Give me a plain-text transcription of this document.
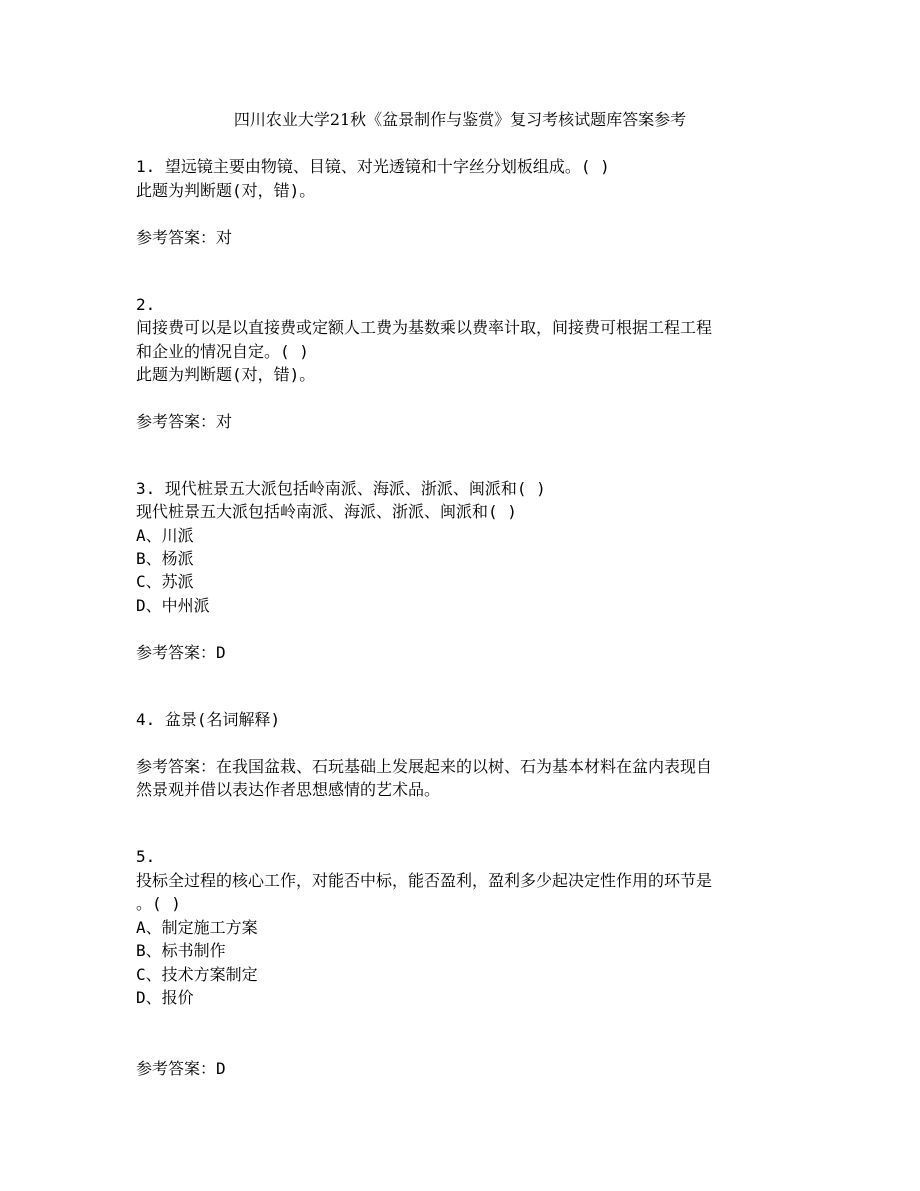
四川农业大学21秋《盆景制作与鉴赏》复习考核试题库答案参考
1. 望远镜主要由物镜、目镜、对光透镜和十字丝分划板组成。( )
此题为判断题(对，错)。
参考答案：对
2.
间接费可以是以直接费或定额人工费为基数乘以费率计取，间接费可根据工程工程
和企业的情况自定。( )
此题为判断题(对，错)。
参考答案：对
3. 现代桩景五大派包括岭南派、海派、浙派、闽派和( )
现代桩景五大派包括岭南派、海派、浙派、闽派和( )
A、川派
B、杨派
C、苏派
D、中州派
参考答案：D
4. 盆景(名词解释)
参考答案：在我国盆栽、石玩基础上发展起来的以树、石为基本材料在盆内表现自
然景观并借以表达作者思想感情的艺术品。
5.
投标全过程的核心工作，对能否中标，能否盈利，盈利多少起决定性作用的环节是
。( )
A、制定施工方案
B、标书制作
C、技术方案制定
D、报价
参考答案：D
